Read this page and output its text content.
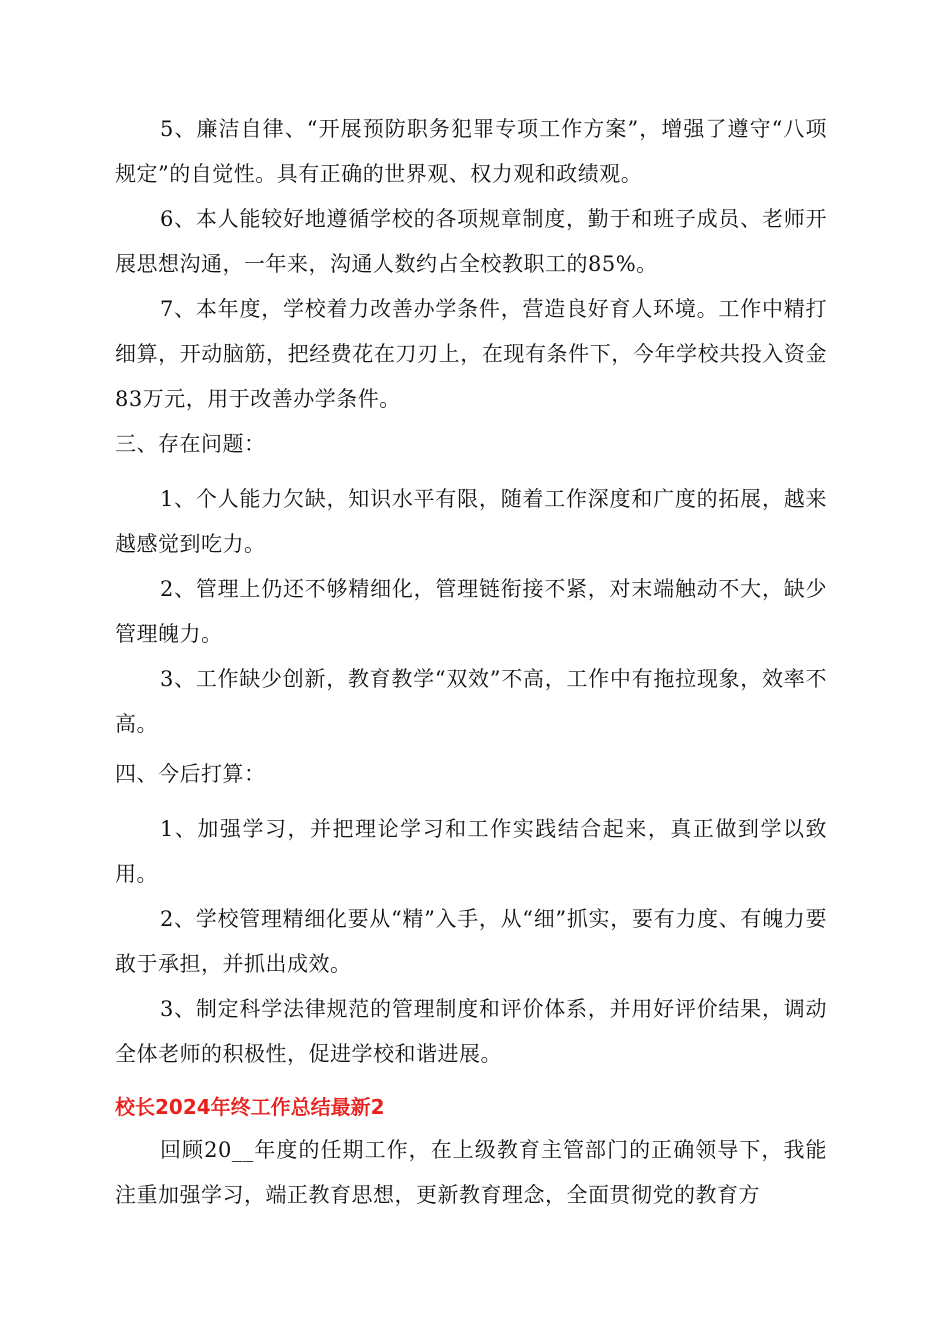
5、廉洁自律、“开展预防职务犯罪专项工作方案”，增强了遵守“八项规定”的自觉性。具有正确的世界观、权力观和政绩观。

6、本人能较好地遵循学校的各项规章制度，勤于和班子成员、老师开展思想沟通，一年来，沟通人数约占全校教职工的85%。

7、本年度，学校着力改善办学条件，营造良好育人环境。工作中精打细算，开动脑筋，把经费花在刀刃上，在现有条件下，今年学校共投入资金83万元，用于改善办学条件。

三、存在问题：

1、个人能力欠缺，知识水平有限，随着工作深度和广度的拓展，越来越感觉到吃力。

2、管理上仍还不够精细化，管理链衔接不紧，对末端触动不大，缺少管理魄力。

3、工作缺少创新，教育教学“双效”不高，工作中有拖拉现象，效率不高。

四、今后打算：

1、加强学习，并把理论学习和工作实践结合起来，真正做到学以致用。

2、学校管理精细化要从“精”入手，从“细”抓实，要有力度、有魄力要敢于承担，并抓出成效。

3、制定科学法律规范的管理制度和评价体系，并用好评价结果，调动全体老师的积极性，促进学校和谐进展。

校长2024年终工作总结最新2

回顾20__年度的任期工作，在上级教育主管部门的正确领导下，我能注重加强学习，端正教育思想，更新教育理念，全面贯彻党的教育方
